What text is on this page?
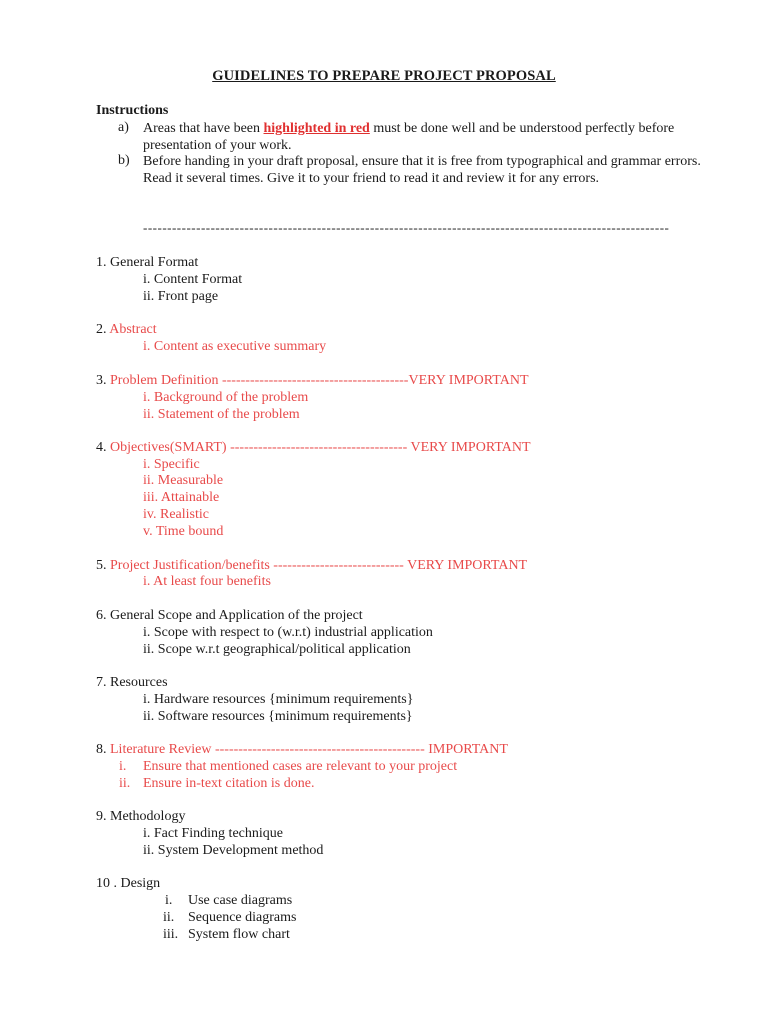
GUIDELINES TO PREPARE PROJECT PROPOSAL
Instructions
a) Areas that have been highlighted in red must be done well and be understood perfectly before presentation of your work.
b) Before handing in your draft proposal, ensure that it is free from typographical and grammar errors. Read it several times. Give it to your friend to read it and review it for any errors.
-------------------------------------------------------------------------------------------------------------
1. General Format
i. Content Format
ii. Front page
2. Abstract
i. Content as executive summary
3. Problem Definition ----------------------------------------VERY IMPORTANT
i. Background of the problem
ii. Statement of the problem
4. Objectives(SMART) -------------------------------------- VERY IMPORTANT
i. Specific
ii. Measurable
iii. Attainable
iv. Realistic
v. Time bound
5. Project Justification/benefits ---------------------------- VERY IMPORTANT
i. At least four benefits
6. General Scope and Application of the project
i. Scope with respect to (w.r.t) industrial application
ii. Scope w.r.t geographical/political application
7. Resources
i. Hardware resources {minimum requirements}
ii. Software resources {minimum requirements}
8. Literature Review --------------------------------------------- IMPORTANT
i. Ensure that mentioned cases are relevant to your project
ii. Ensure in-text citation is done.
9. Methodology
i. Fact Finding technique
ii. System Development method
10 . Design
i. Use case diagrams
ii. Sequence diagrams
iii. System flow chart
